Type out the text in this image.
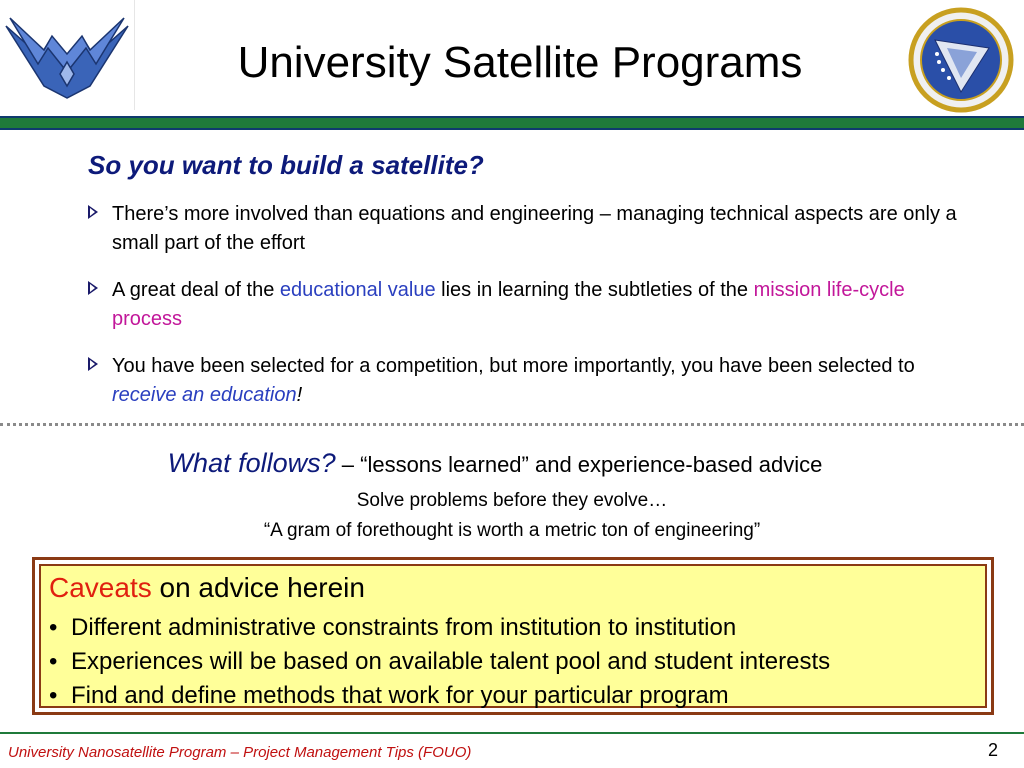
University Satellite Programs
So you want to build a satellite?
There’s more involved than equations and engineering – managing technical aspects are only a small part of the effort
A great deal of the educational value lies in learning the subtleties of the mission life-cycle process
You have been selected for a competition, but more importantly, you have been selected to receive an education!
What follows? – “lessons learned” and experience-based advice
Solve problems before they evolve…
“A gram of forethought is worth a metric ton of engineering”
Caveats on advice herein
• Different administrative constraints from institution to institution
• Experiences will be based on available talent pool and student interests
• Find and define methods that work for your particular program
University Nanosatellite Program – Project Management Tips (FOUO)	2
